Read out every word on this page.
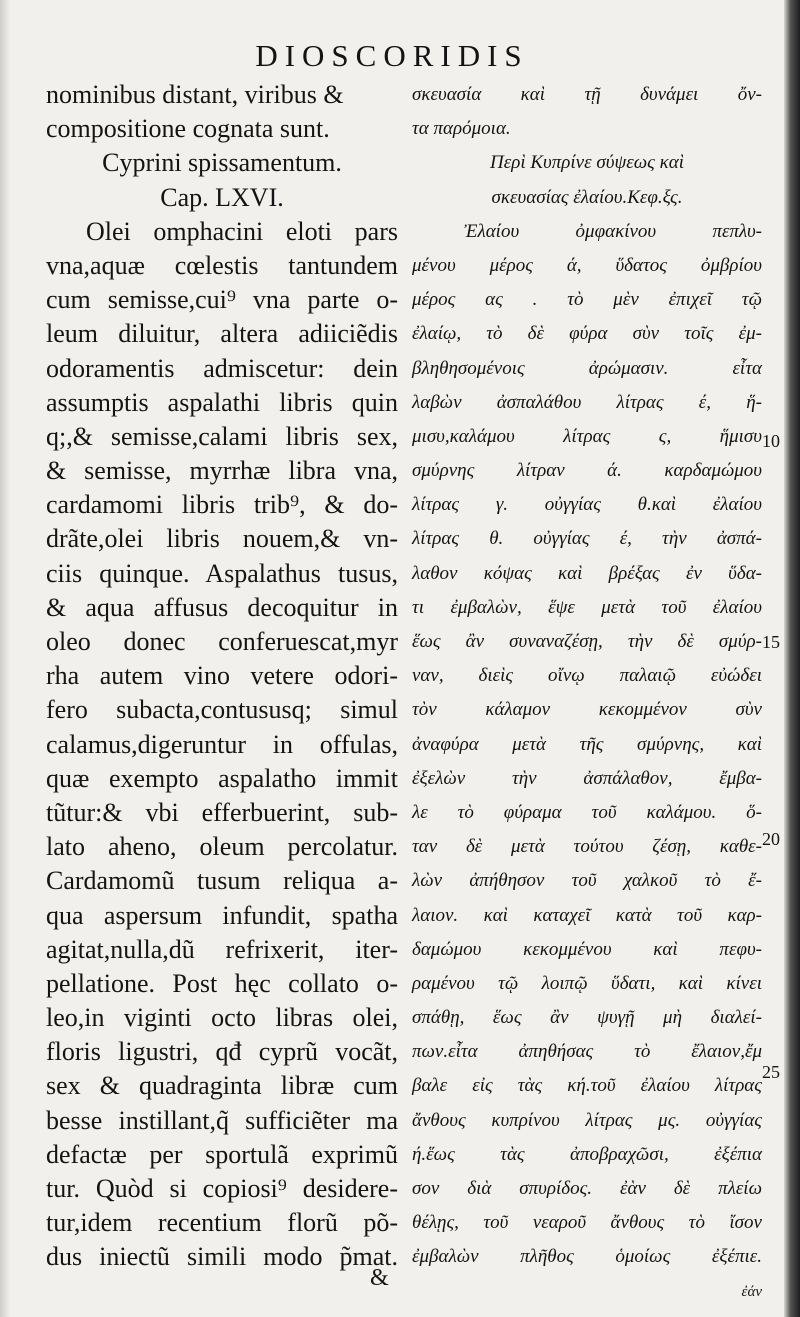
DIOSCORIDIS
nominibus distant, viribus &
compositione cognata sunt.
Cyprini spissamentum.
Cap. LXVI.
Olei omphacini eloti pars
vna,aquæ cœlestis tantundem
cum semisse,cui⁹ vna parte o-
leum diluitur, altera adiiciẽdis
odoramentis admiscetur: dein
assumptis aspalathi libris quin
q;,& semisse,calami libris sex,
& semisse, myrrhæ libra vna,
cardamomi libris trib⁹, & do-
drãte,olei libris nouem,& vn-
ciis quinque. Aspalathus tusus,
& aqua affusus decoquitur in
oleo donec conferuescat,myr
rha autem vino vetere odori-
fero subacta,contususq; simul
calamus,digeruntur in offulas,
quæ exempto aspalatho immit
tũtur:& vbi efferbuerint, sub-
lato aheno, oleum percolatur.
Cardamomũ tusum reliqua a-
qua aspersum infundit, spatha
agitat,nulla,dũ refrixerit, iter-
pellatione. Post hęc collato o-
leo,in viginti octo libras olei,
floris ligustri, qđ cyprũ vocãt,
sex & quadraginta libræ cum
besse instillant,q̃ sufficiẽter ma
defactæ per sportulã exprimũ
tur. Quòd si copiosi⁹ desidere-
tur,idem recentium florũ põ-
dus iniectũ simili modo p̃mat.
σκευασία καὶ τῇ δυνάμει ὄν-
τα παρόμοια.
Περὶ Κυπρίνε σύψεως καὶ
σκευασίας ἐλαίου.Κεφ.ξς.
Ἐλαίου ὀμφακίνου πεπλυ-
μένου μέρος ά, ὕδατος ὀμβρίου
μέρος ας . τὸ μὲν ἐπιχεῖ τῷ
ἐλαίῳ, τὸ δὲ φύρα σὺν τοῖς ἐμ-
βληθησομένοις ἀρώμασιν. εἶτα
λαβὼν ἀσπαλάθου λίτρας έ, ἥ-
μισυ,καλάμου λίτρας ς, ἥμισυ
σμύρνης λίτραν ά. καρδαμώμου
λίτρας γ. οὐγγίας θ.καὶ ἐλαίου
λίτρας θ. οὐγγίας έ, τὴν ἀσπά-
λαθον κόψας καὶ βρέξας ἐν ὕδα-
τι ἐμβαλὼν, ἕψε μετὰ τοῦ ἐλαίου
ἕως ἂν συναναζέσῃ, τὴν δὲ σμύρ-
ναν, διεὶς οἴνῳ παλαιῷ εὐώδει
τὸν κάλαμον κεκομμένον σὺν
ἀναφύρα μετὰ τῆς σμύρνης, καὶ
ἐξελὼν τὴν ἀσπάλαθον, ἔμβα-
λε τὸ φύραμα τοῦ καλάμου. ὅ-
ταν δὲ μετὰ τούτου ζέσῃ, καθε-
λὼν ἀπήθησον τοῦ χαλκοῦ τὸ ἔ-
λαιον. καὶ καταχεῖ κατὰ τοῦ καρ-
δαμώμου κεκομμένου καὶ πεφυ-
ραμένου τῷ λοιπῷ ὕδατι, καὶ κίνει
σπάθῃ, ἕως ἂν ψυγῇ μὴ διαλεί-
πων.εἶτα ἀπηθήσας τὸ ἔλαιον,ἔμ
βαλε εἰς τὰς κή.τοῦ ἐλαίου λίτρας
ἄνθους κυπρίνου λίτρας μς. οὐγγίας
ή.ἕως τὰς ἀποβραχῶσι, ἐξέπια
σον διὰ σπυρίδος. ἐὰν δὲ πλείω
θέλῃς, τοῦ νεαροῦ ἄνθους τὸ ἴσον
ἐμβαλὼν πλῆθος ὁμοίως ἐξέπιε.
ἐάν
10
15
20
25
&
